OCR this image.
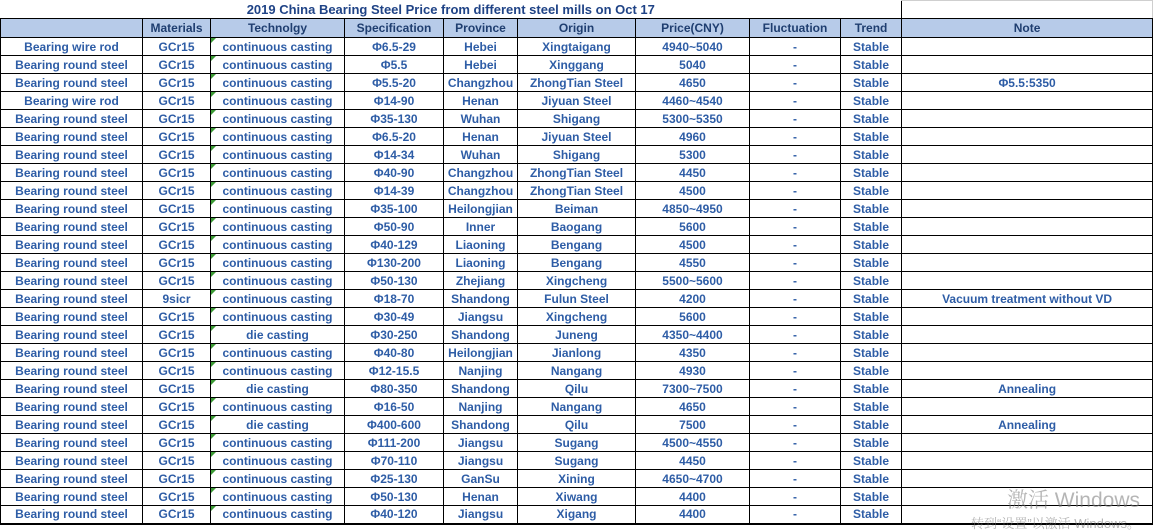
2019 China Bearing Steel Price from different steel mills on Oct 17									
	Materials	Technolgy	Specification	Province	Origin	Price(CNY)	Fluctuation	Trend	Note
Bearing wire rod	GCr15	continuous casting	Φ6.5-29	Hebei	Xingtaigang	4940~5040	-	Stable	
Bearing round steel	GCr15	continuous casting	Φ5.5	Hebei	Xinggang	5040	-	Stable	
Bearing round steel	GCr15	continuous casting	Φ5.5-20	Changzhou	ZhongTian Steel	4650	-	Stable	Φ5.5:5350
Bearing wire rod	GCr15	continuous casting	Φ14-90	Henan	Jiyuan Steel	4460~4540	-	Stable	
Bearing round steel	GCr15	continuous casting	Φ35-130	Wuhan	Shigang	5300~5350	-	Stable	
Bearing round steel	GCr15	continuous casting	Φ6.5-20	Henan	Jiyuan Steel	4960	-	Stable	
Bearing round steel	GCr15	continuous casting	Φ14-34	Wuhan	Shigang	5300	-	Stable	
Bearing round steel	GCr15	continuous casting	Φ40-90	Changzhou	ZhongTian Steel	4450	-	Stable	
Bearing round steel	GCr15	continuous casting	Φ14-39	Changzhou	ZhongTian Steel	4500	-	Stable	
Bearing round steel	GCr15	continuous casting	Φ35-100	Heilongjian	Beiman	4850~4950	-	Stable	
Bearing round steel	GCr15	continuous casting	Φ50-90	Inner	Baogang	5600	-	Stable	
Bearing round steel	GCr15	continuous casting	Φ40-129	Liaoning	Bengang	4500	-	Stable	
Bearing round steel	GCr15	continuous casting	Φ130-200	Liaoning	Bengang	4550	-	Stable	
Bearing round steel	GCr15	continuous casting	Φ50-130	Zhejiang	Xingcheng	5500~5600	-	Stable	
Bearing round steel	9sicr	continuous casting	Φ18-70	Shandong	Fulun Steel	4200	-	Stable	Vacuum treatment without VD
Bearing round steel	GCr15	continuous casting	Φ30-49	Jiangsu	Xingcheng	5600	-	Stable	
Bearing round steel	GCr15	die casting	Φ30-250	Shandong	Juneng	4350~4400	-	Stable	
Bearing round steel	GCr15	continuous casting	Φ40-80	Heilongjian	Jianlong	4350	-	Stable	
Bearing round steel	GCr15	continuous casting	Φ12-15.5	Nanjing	Nangang	4930	-	Stable	
Bearing round steel	GCr15	die casting	Φ80-350	Shandong	Qilu	7300~7500	-	Stable	Annealing
Bearing round steel	GCr15	continuous casting	Φ16-50	Nanjing	Nangang	4650	-	Stable	
Bearing round steel	GCr15	die casting	Φ400-600	Shandong	Qilu	7500	-	Stable	Annealing
Bearing round steel	GCr15	continuous casting	Φ111-200	Jiangsu	Sugang	4500~4550	-	Stable	
Bearing round steel	GCr15	continuous casting	Φ70-110	Jiangsu	Sugang	4450	-	Stable	
Bearing round steel	GCr15	continuous casting	Φ25-130	GanSu	Xining	4650~4700	-	Stable	
Bearing round steel	GCr15	continuous casting	Φ50-130	Henan	Xiwang	4400	-	Stable	
Bearing round steel	GCr15	continuous casting	Φ40-120	Jiangsu	Xigang	4400	-	Stable	
激活 Windows
转到“设置”以激活 Windows。
